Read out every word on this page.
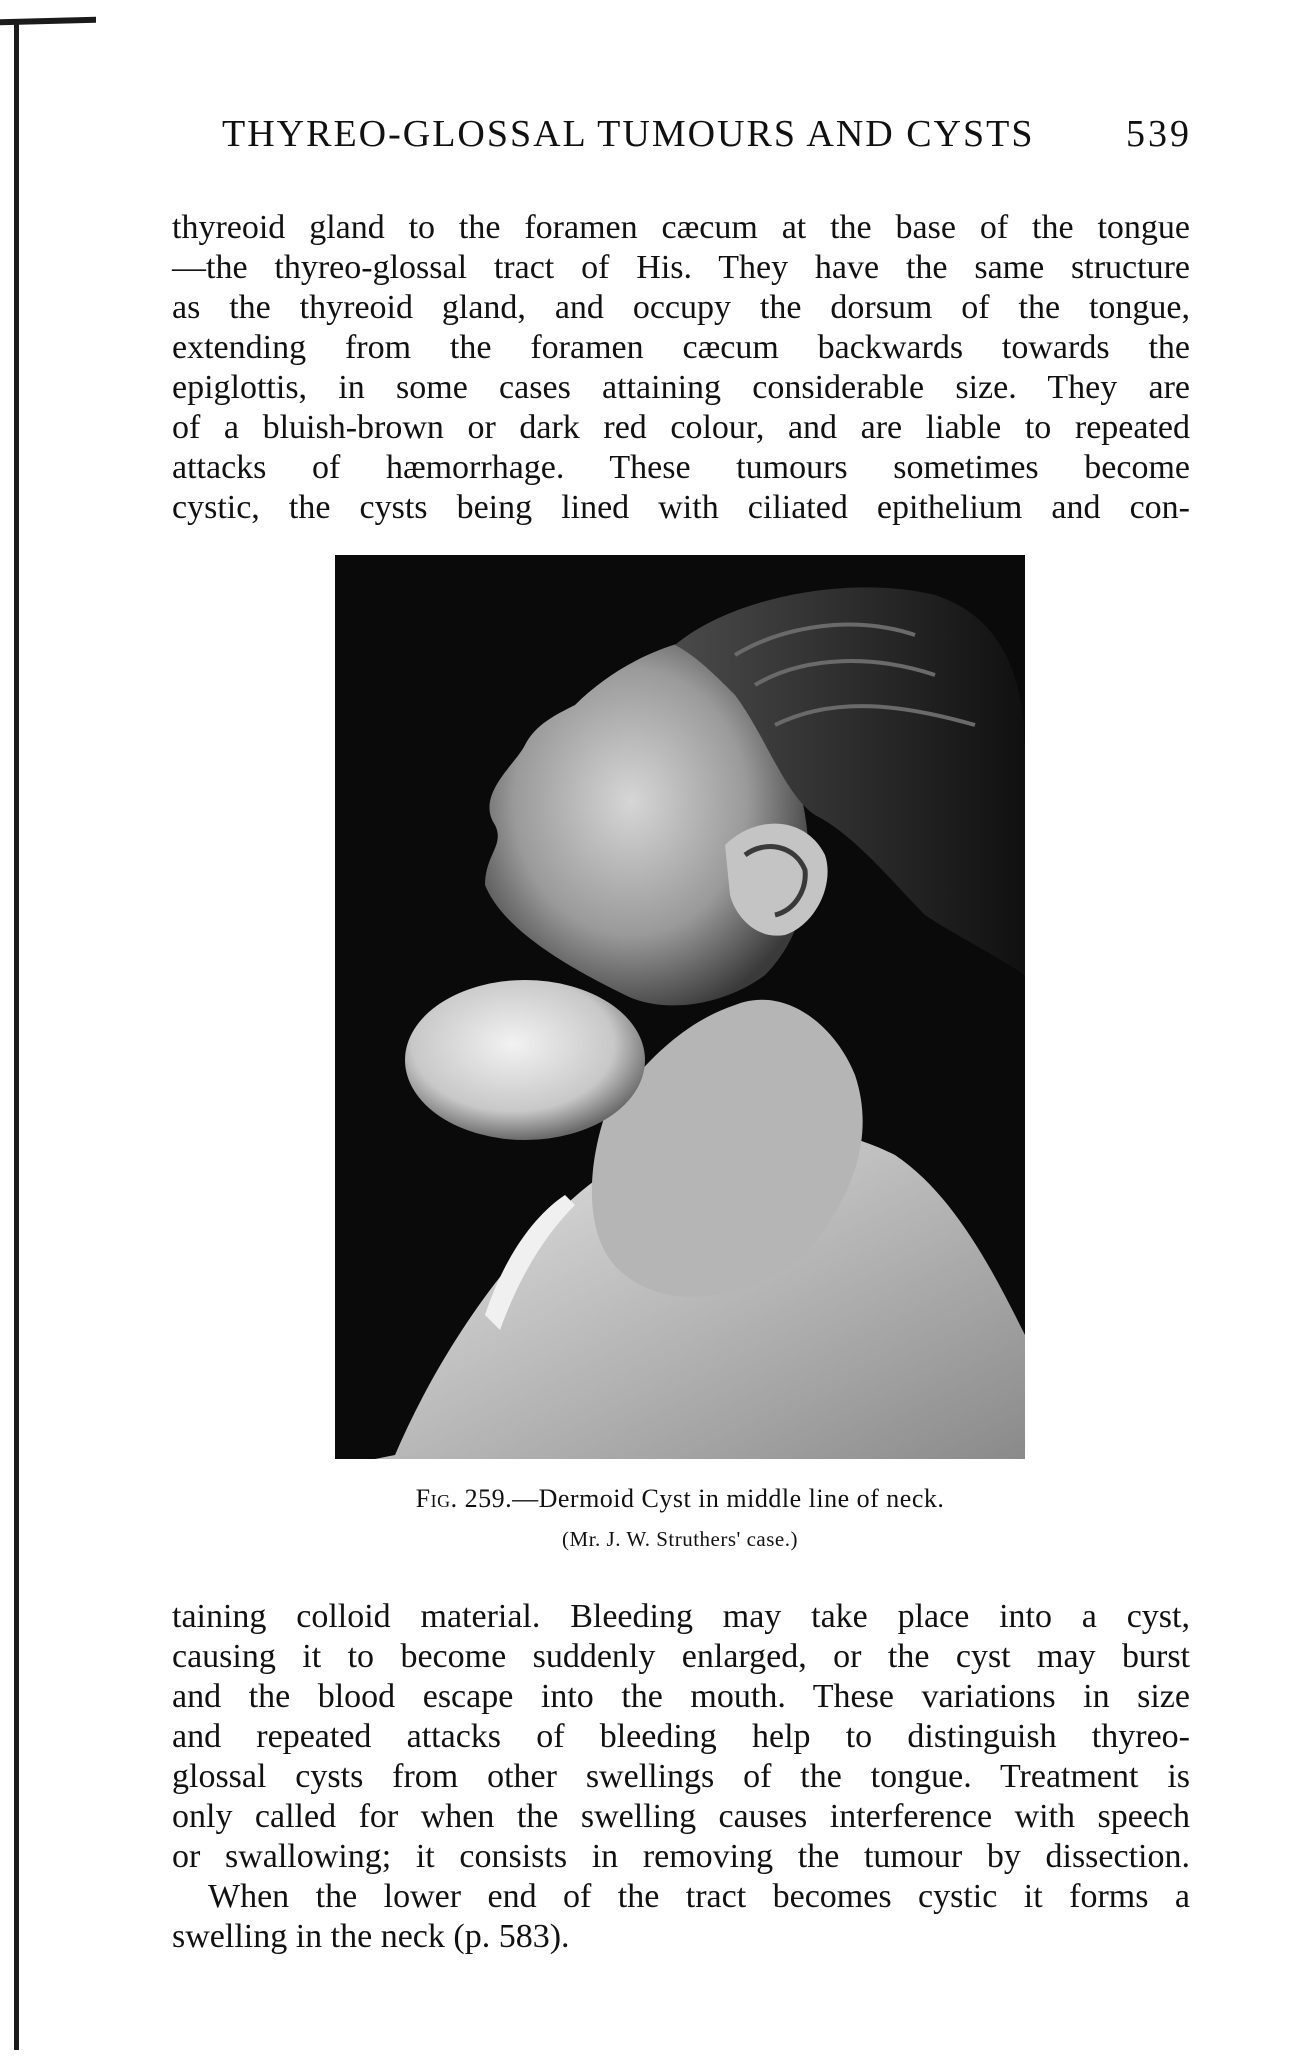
THYREO-GLOSSAL TUMOURS AND CYSTS 539
thyreoid gland to the foramen cæcum at the base of the tongue
—the thyreo-glossal tract of His. They have the same structure
as the thyreoid gland, and occupy the dorsum of the tongue,
extending from the foramen cæcum backwards towards the
epiglottis, in some cases attaining considerable size. They are
of a bluish-brown or dark red colour, and are liable to repeated
attacks of hæmorrhage. These tumours sometimes become
cystic, the cysts being lined with ciliated epithelium and con-
Fig. 259.—Dermoid Cyst in middle line of neck.
(Mr. J. W. Struthers' case.)
taining colloid material. Bleeding may take place into a cyst,
causing it to become suddenly enlarged, or the cyst may burst
and the blood escape into the mouth. These variations in size
and repeated attacks of bleeding help to distinguish thyreo-
glossal cysts from other swellings of the tongue. Treatment is
only called for when the swelling causes interference with speech
or swallowing; it consists in removing the tumour by dissection.
When the lower end of the tract becomes cystic it forms a
swelling in the neck (p. 583).
